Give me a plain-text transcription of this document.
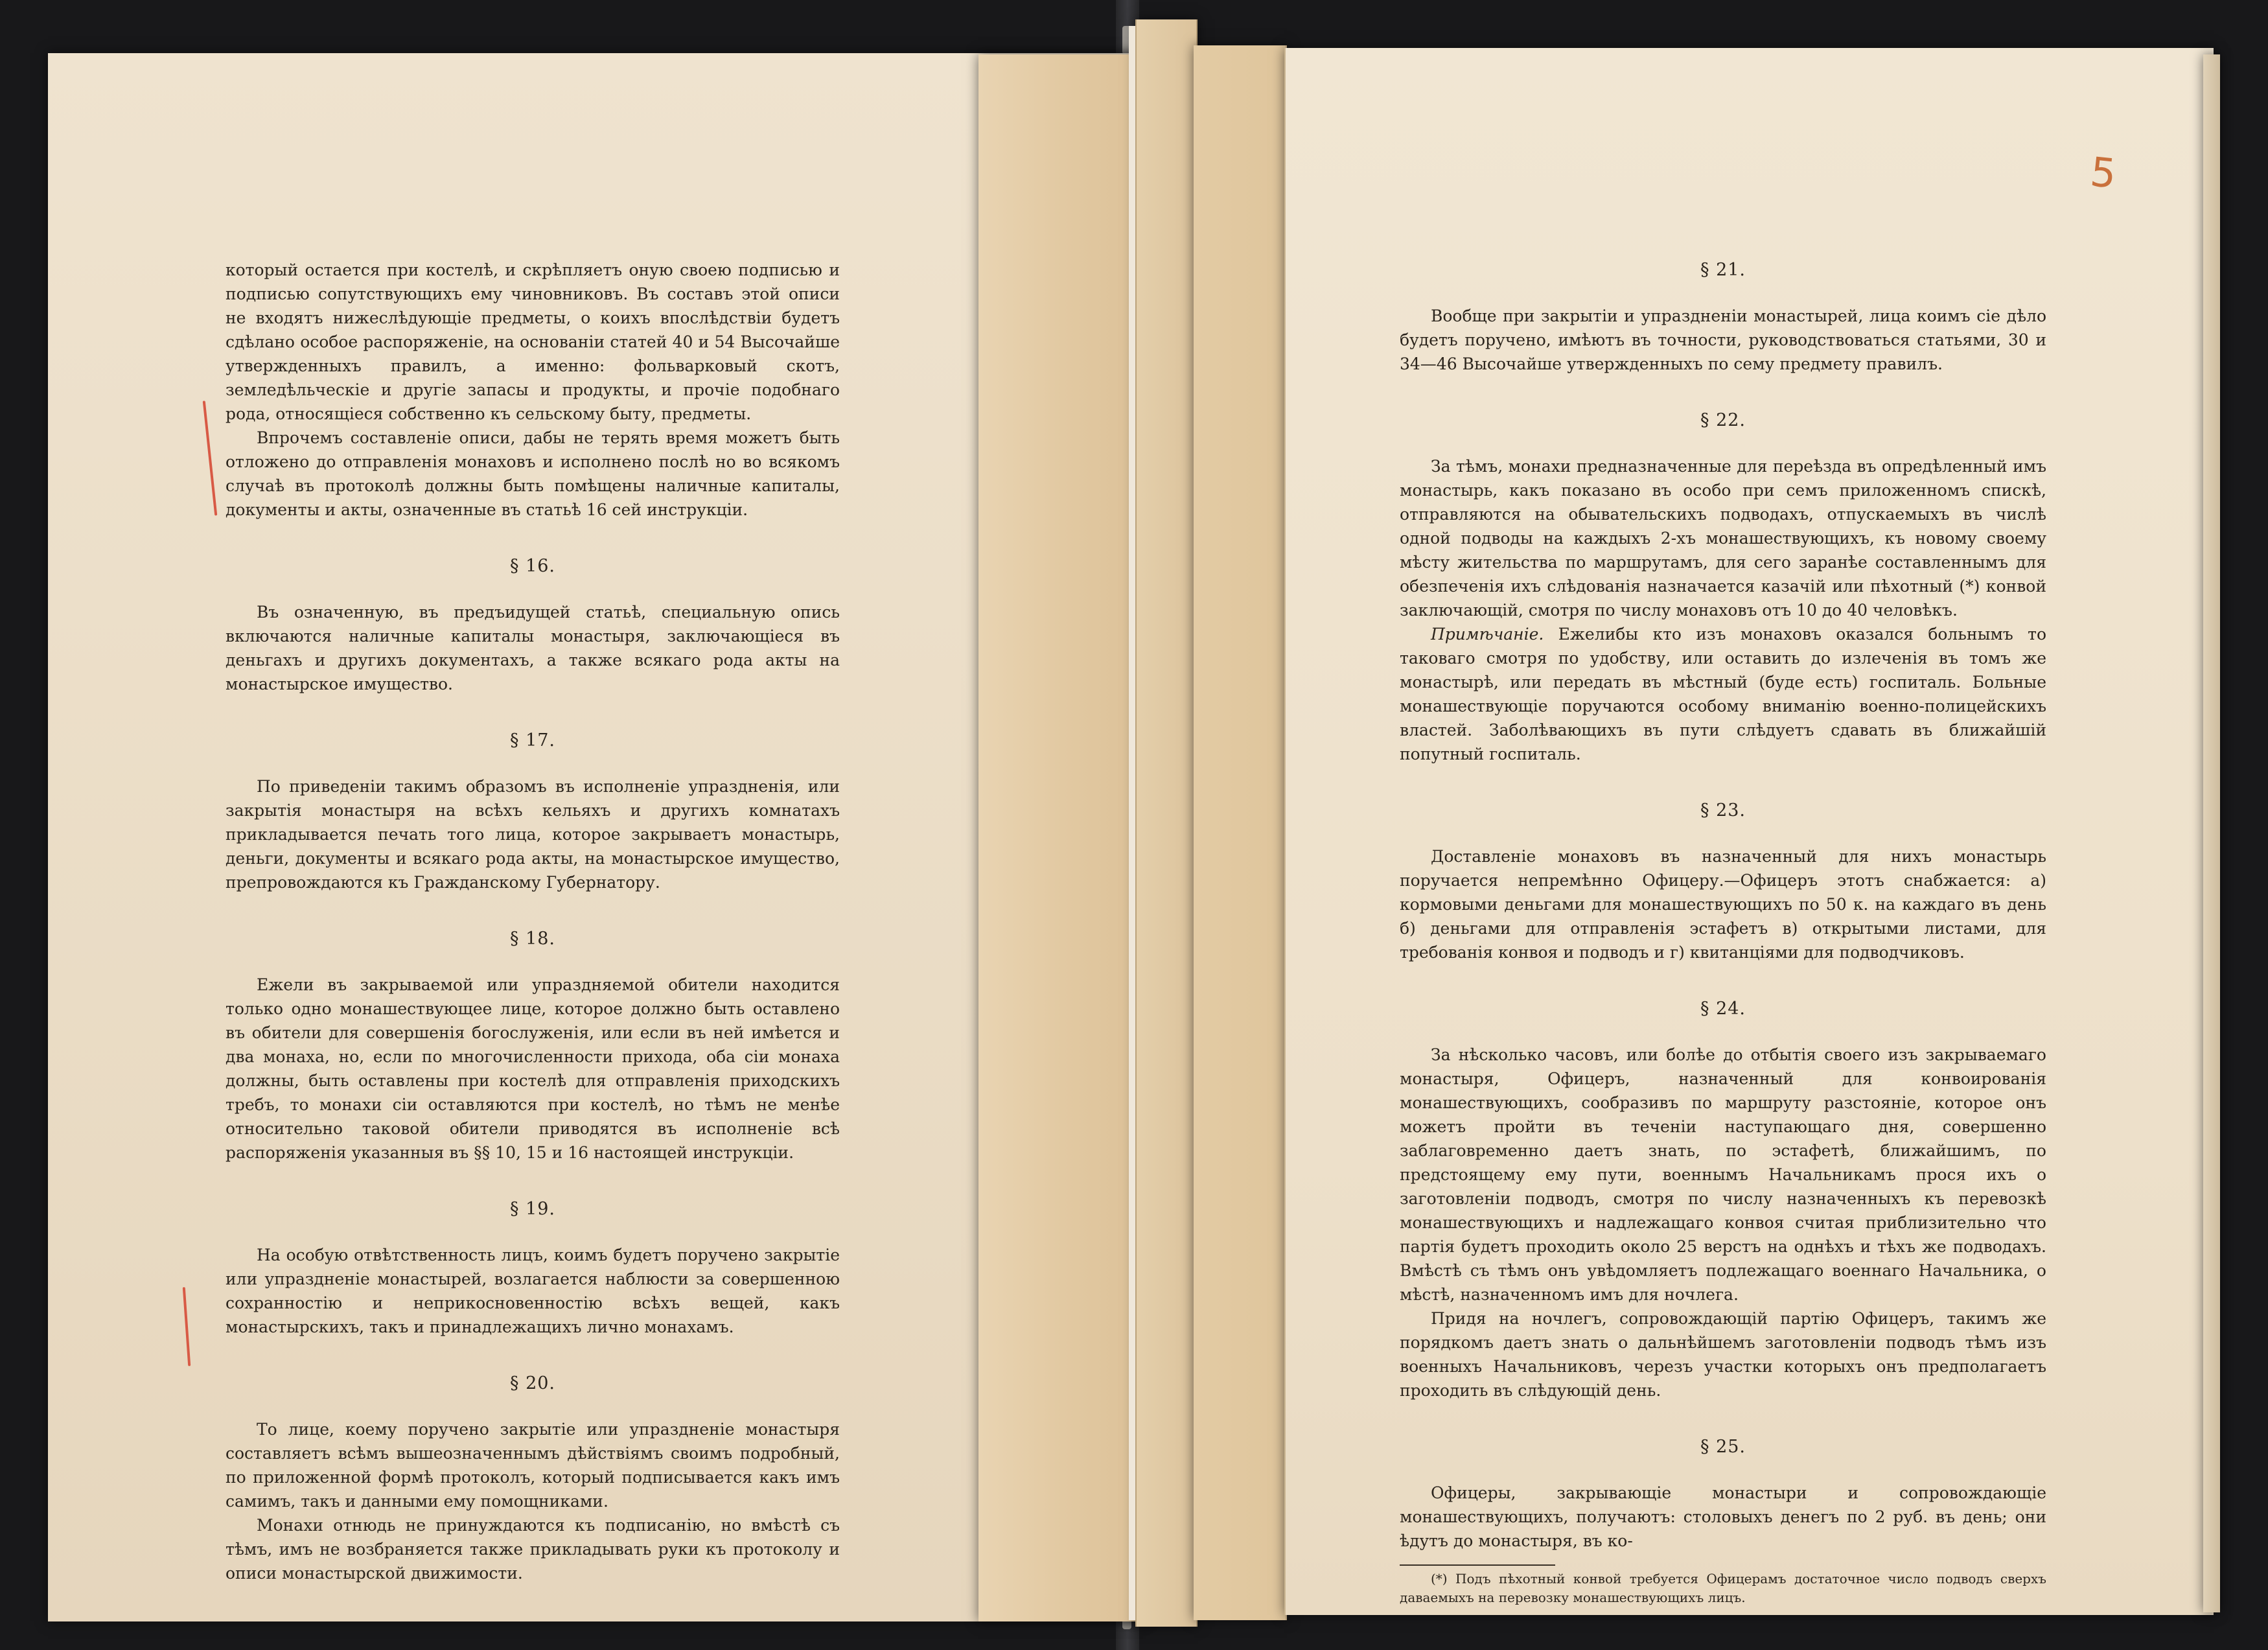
который остается при костелѣ, и скрѣпляетъ оную своею подписью и подписью сопутствующихъ ему чиновниковъ. Въ составъ этой описи не входятъ нижеслѣдующіе предметы, о коихъ впослѣдствіи будетъ сдѣлано особое распоряженіе, на основаніи статей 40 и 54 Высочайше утвержденныхъ правилъ, а именно: фольварковый скотъ, земледѣльческіе и другіе запасы и продукты, и прочіе подобнаго рода, относящіеся собственно къ сельскому быту, предметы.

Впрочемъ составленіе описи, дабы не терять время можетъ быть отложено до отправленія монаховъ и исполнено послѣ но во всякомъ случаѣ въ протоколѣ должны быть помѣщены наличные капиталы, документы и акты, означенные въ статьѣ 16 сей инструкціи.

§ 16.

Въ означенную, въ предъидущей статьѣ, специальную опись включаются наличные капиталы монастыря, заключающіеся въ деньгахъ и другихъ документахъ, а также всякаго рода акты на монастырское имущество.

§ 17.

По приведеніи такимъ образомъ въ исполненіе упраздненія, или закрытія монастыря на всѣхъ кельяхъ и другихъ комнатахъ прикладывается печать того лица, которое закрываетъ монастырь, деньги, документы и всякаго рода акты, на монастырское имущество, препровождаются къ Гражданскому Губернатору.

§ 18.

Ежели въ закрываемой или упраздняемой обители находится только одно монашествующее лице, которое должно быть оставлено въ обители для совершенія богослуженія, или если въ ней имѣется и два монаха, но, если по многочисленности прихода, оба сіи монаха должны, быть оставлены при костелѣ для отправленія приходскихъ требъ, то монахи сіи оставляются при костелѣ, но тѣмъ не менѣе относительно таковой обители приводятся въ исполненіе всѣ распоряженія указанныя въ §§ 10, 15 и 16 настоящей инструкціи.

§ 19.

На особую отвѣтственность лицъ, коимъ будетъ поручено закрытіе или упраздненіе монастырей, возлагается наблюсти за совершенною сохранностію и неприкосновенностію всѣхъ вещей, какъ монастырскихъ, такъ и принадлежащихъ лично монахамъ.

§ 20.

То лице, коему поручено закрытіе или упраздненіе монастыря составляетъ всѣмъ вышеозначеннымъ дѣйствіямъ своимъ подробный, по приложенной формѣ протоколъ, который подписывается какъ имъ самимъ, такъ и данными ему помощниками.

Монахи отнюдь не принуждаются къ подписанію, но вмѣстѣ съ тѣмъ, имъ не возбраняется также прикладывать руки къ протоколу и описи монастырской движимости.

5
§ 21.

Вообще при закрытіи и упраздненіи монастырей, лица коимъ сіе дѣло будетъ поручено, имѣютъ въ точности, руководствоваться статьями, 30 и 34—46 Высочайше утвержденныхъ по сему предмету правилъ.

§ 22.

За тѣмъ, монахи предназначенные для переѣзда въ опредѣленный имъ монастырь, какъ показано въ особо при семъ приложенномъ спискѣ, отправляются на обывательскихъ подводахъ, отпускаемыхъ въ числѣ одной подводы на каждыхъ 2-хъ монашествующихъ, къ новому своему мѣсту жительства по маршрутамъ, для сего заранѣе составленнымъ для обезпеченія ихъ слѣдованія назначается казачій или пѣхотный (*) конвой заключающій, смотря по числу монаховъ отъ 10 до 40 человѣкъ.

Примѣчаніе. Ежелибы кто изъ монаховъ оказался больнымъ то таковаго смотря по удобству, или оставить до излеченія въ томъ же монастырѣ, или передать въ мѣстный (буде есть) госпиталь. Больные монашествующіе поручаются особому вниманію военно-полицейскихъ властей. Заболѣвающихъ въ пути слѣдуетъ сдавать въ ближайшій попутный госпиталь.

§ 23.

Доставленіе монаховъ въ назначенный для нихъ монастырь поручается непремѣнно Офицеру.—Офицеръ этотъ снабжается: а) кормовыми деньгами для монашествующихъ по 50 к. на каждаго въ день б) деньгами для отправленія эстафетъ в) открытыми листами, для требованія конвоя и подводъ и г) квитанціями для подводчиковъ.

§ 24.

За нѣсколько часовъ, или болѣе до отбытія своего изъ закрываемаго монастыря, Офицеръ, назначенный для конвоированія монашествующихъ, сообразивъ по маршруту разстояніе, которое онъ можетъ пройти въ теченіи наступающаго дня, совершенно заблаговременно даетъ знать, по эстафетѣ, ближайшимъ, по предстоящему ему пути, военнымъ Начальникамъ прося ихъ о заготовленіи подводъ, смотря по числу назначенныхъ къ перевозкѣ монашествующихъ и надлежащаго конвоя считая приблизительно что партія будетъ проходить около 25 верстъ на однѣхъ и тѣхъ же подводахъ. Вмѣстѣ съ тѣмъ онъ увѣдомляетъ подлежащаго военнаго Начальника, о мѣстѣ, назначенномъ имъ для ночлега.

Придя на ночлегъ, сопровождающій партію Офицеръ, такимъ же порядкомъ даетъ знать о дальнѣйшемъ заготовленіи подводъ тѣмъ изъ военныхъ Начальниковъ, черезъ участки которыхъ онъ предполагаетъ проходить въ слѣдующій день.

§ 25.

Офицеры, закрывающіе монастыри и сопровождающіе монашествующихъ, получаютъ: столовыхъ денегъ по 2 руб. въ день; они ѣдутъ до монастыря, въ ко-

(*) Подъ пѣхотный конвой требуется Офицерамъ достаточное число подводъ сверхъ даваемыхъ на перевозку монашествующихъ лицъ.
